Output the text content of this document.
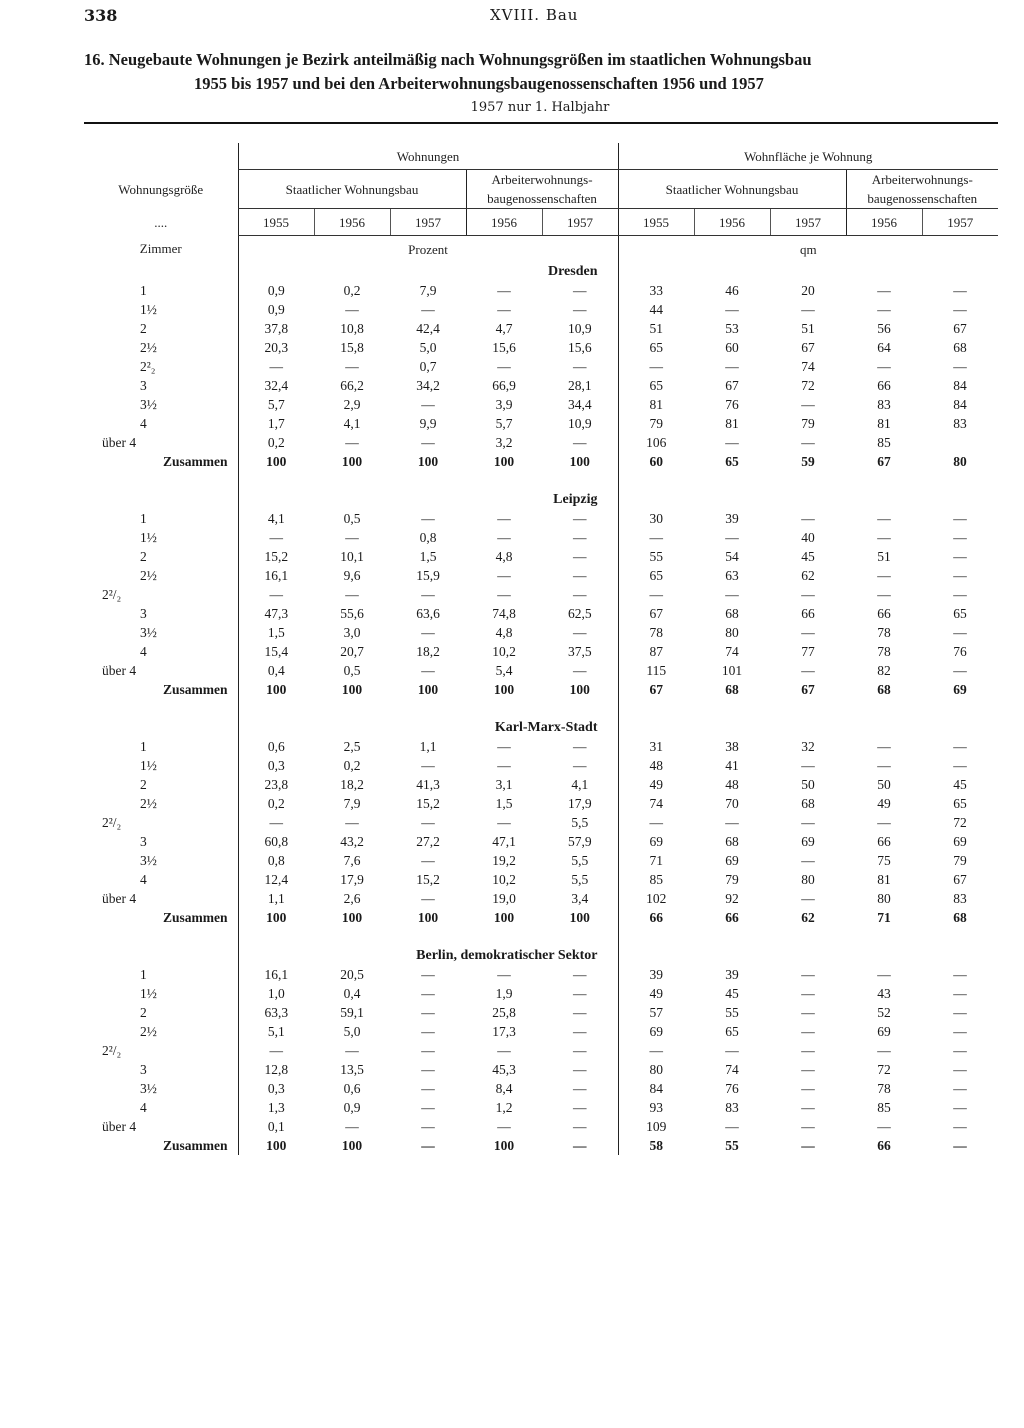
338	XVIII. Bau
16. Neugebaute Wohnungen je Bezirk anteilmäßig nach Wohnungsgrößen im staatlichen Wohnungsbau
1955 bis 1957 und bei den Arbeiterwohnungsbaugenossenschaften 1956 und 1957
1957 nur 1. Halbjahr

	Wohnungen					Wohnfläche je Wohnung				
Wohnungsgröße	Staatlicher Wohnungsbau			Arbeiterwohnungs-		Staatlicher Wohnungsbau			Arbeiterwohnungs-	
				baugenossenschaften					baugenossenschaften	
....	1955	1956	1957	1956	1957	1955	1956	1957	1956	1957
Zimmer	Prozent					qm				
	Dresden									
1	0,9	0,2	7,9	—	—	33	46	20	—	—
1½	0,9	—	—	—	—	44	—	—	—	—
2	37,8	10,8	42,4	4,7	10,9	51	53	51	56	67
2½	20,3	15,8	5,0	15,6	15,6	65	60	67	64	68
2²₂	—	—	0,7	—	—	—	—	74	—	—
3	32,4	66,2	34,2	66,9	28,1	65	67	72	66	84
3½	5,7	2,9	—	3,9	34,4	81	76	—	83	84
4	1,7	4,1	9,9	5,7	10,9	79	81	79	81	83
über 4	0,2	—	—	3,2	—	106	—	—	85	
Zusammen	100	100	100	100	100	60	65	59	67	80

	Leipzig									
1	4,1	0,5	—	—	—	30	39	—	—	—
1½	—	—	0,8	—	—	—	—	40	—	—
2	15,2	10,1	1,5	4,8	—	55	54	45	51	—
2½	16,1	9,6	15,9	—	—	65	63	62	—	—
2²/₂	—	—	—	—	—	—	—	—	—	—
3	47,3	55,6	63,6	74,8	62,5	67	68	66	66	65
3½	1,5	3,0	—	4,8	—	78	80	—	78	—
4	15,4	20,7	18,2	10,2	37,5	87	74	77	78	76
über 4	0,4	0,5	—	5,4	—	115	101	—	82	—
Zusammen	100	100	100	100	100	67	68	67	68	69

	Karl-Marx-Stadt									
1	0,6	2,5	1,1	—	—	31	38	32	—	—
1½	0,3	0,2	—	—	—	48	41	—	—	—
2	23,8	18,2	41,3	3,1	4,1	49	48	50	50	45
2½	0,2	7,9	15,2	1,5	17,9	74	70	68	49	65
2²/₂	—	—	—	—	5,5	—	—	—	—	72
3	60,8	43,2	27,2	47,1	57,9	69	68	69	66	69
3½	0,8	7,6	—	19,2	5,5	71	69	—	75	79
4	12,4	17,9	15,2	10,2	5,5	85	79	80	81	67
über 4	1,1	2,6	—	19,0	3,4	102	92	—	80	83
Zusammen	100	100	100	100	100	66	66	62	71	68

	Berlin, demokratischer Sektor									
1	16,1	20,5	—	—	—	39	39	—	—	—
1½	1,0	0,4	—	1,9	—	49	45	—	43	—
2	63,3	59,1	—	25,8	—	57	55	—	52	—
2½	5,1	5,0	—	17,3	—	69	65	—	69	—
2²/₂	—	—	—	—	—	—	—	—	—	—
3	12,8	13,5	—	45,3	—	80	74	—	72	—
3½	0,3	0,6	—	8,4	—	84	76	—	78	—
4	1,3	0,9	—	1,2	—	93	83	—	85	—
über 4	0,1	—	—	—	—	109	—	—	—	—
Zusammen	100	100	—	100	—	58	55	—	66	—
